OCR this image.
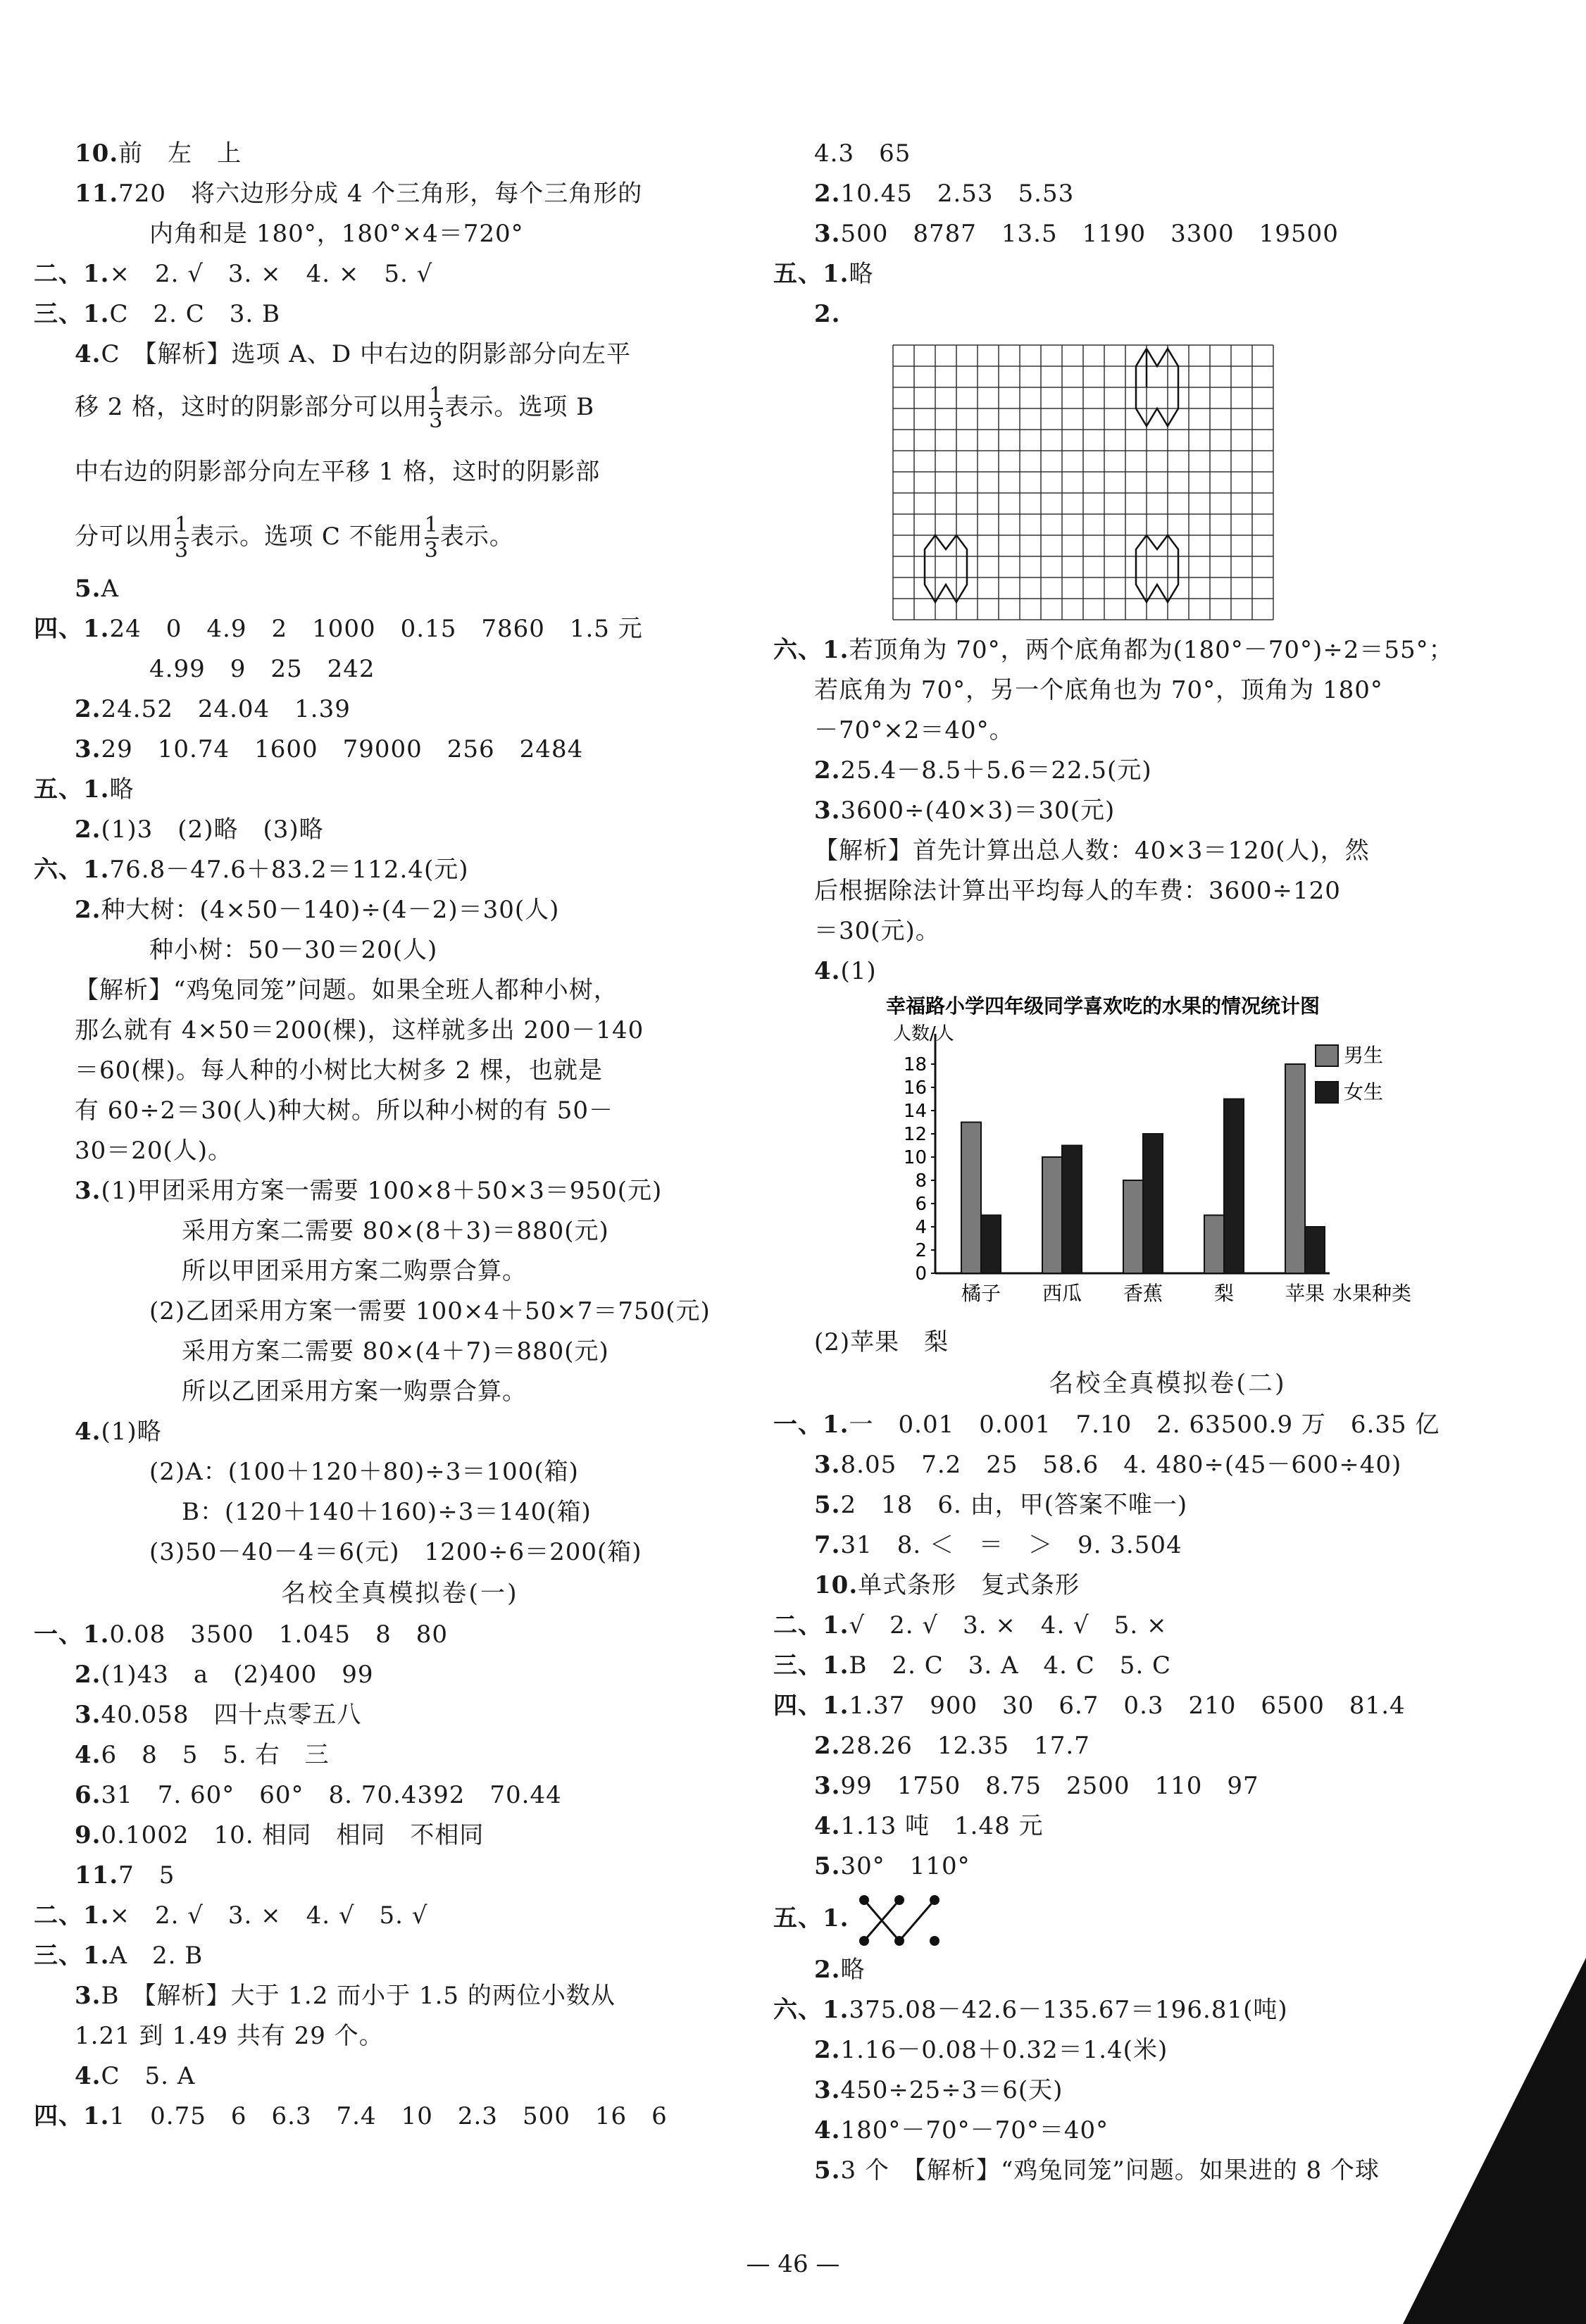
10.前　左　上
11.720　将六边形分成 4 个三角形，每个三角形的
内角和是 180°，180°×4＝720°
二、1.×　2. √　3. ×　4. ×　5. √
三、1.C　2. C　3. B
4.C　【解析】选项 A、D 中右边的阴影部分向左平
移 2 格，这时的阴影部分可以用 $\frac{1}{3}$ 表示。选项 B
中右边的阴影部分向左平移 1 格，这时的阴影部
分可以用 $\frac{1}{3}$ 表示。选项 C 不能用 $\frac{1}{3}$ 表示。
5.A
四、1.24　0　4.9　2　1000　0.15　7860　1.5 元
4.99　9　25　242
2.24.52　24.04　1.39
3.29　10.74　1600　79000　256　2484
五、1.略
2.(1)3　(2)略　(3)略
六、1.76.8－47.6＋83.2＝112.4(元)
2.种大树：(4×50－140)÷(4－2)＝30(人)
种小树：50－30＝20(人)
【解析】“鸡兔同笼”问题。如果全班人都种小树，
那么就有 4×50＝200(棵)，这样就多出 200－140
＝60(棵)。每人种的小树比大树多 2 棵，也就是
有 60÷2＝30(人)种大树。所以种小树的有 50－
30＝20(人)。
3.(1)甲团采用方案一需要 100×8＋50×3＝950(元)
采用方案二需要 80×(8＋3)＝880(元)
所以甲团采用方案二购票合算。
(2)乙团采用方案一需要 100×4＋50×7＝750(元)
采用方案二需要 80×(4＋7)＝880(元)
所以乙团采用方案一购票合算。
4.(1)略
(2)A：(100＋120＋80)÷3＝100(箱)
B：(120＋140＋160)÷3＝140(箱)
(3)50－40－4＝6(元)　1200÷6＝200(箱)
名校全真模拟卷(一)
一、1.0.08　3500　1.045　8　80
2.(1)43　a　(2)400　99
3.40.058　四十点零五八
4.6　8　5　5. 右　三
6.31　7. 60°　60°　8. 70.4392　70.44
9.0.1002　10. 相同　相同　不相同
11.7　5
二、1.×　2. √　3. ×　4. √　5. √
三、1.A　2. B
3.B　【解析】大于 1.2 而小于 1.5 的两位小数从
1.21 到 1.49 共有 29 个。
4.C　5. A
四、1.1　0.75　6　6.3　7.4　10　2.3　500　16　6
4.3　65
2.10.45　2.53　5.53
3.500　8787　13.5　1190　3300　19500
五、1.略
2.
六、1.若顶角为 70°，两个底角都为(180°－70°)÷2＝55°；
若底角为 70°，另一个底角也为 70°，顶角为 180°
－70°×2＝40°。
2.25.4－8.5＋5.6＝22.5(元)
3.3600÷(40×3)＝30(元)
【解析】首先计算出总人数：40×3＝120(人)，然
后根据除法计算出平均每人的车费：3600÷120
＝30(元)。
4.(1)
幸福路小学四年级同学喜欢吃的水果的情况统计图
人数/人
0
2
4
6
8
10
12
14
16
18
橘子 西瓜 香蕉	梨	苹果 水果种类
男生
女生
(2)苹果　梨
名校全真模拟卷(二)
一、1.一　0.01　0.001　7.10　2. 63500.9 万　6.35 亿
3.8.05　7.2　25　58.6　4. 480÷(45－600÷40)
5.2　18　6. 由，甲(答案不唯一)
7.31　8. ＜　＝　＞　9. 3.504
10.单式条形　复式条形
二、1.√　2. √　3. ×　4. √　5. ×
三、1.B　2. C　3. A　4. C　5. C
四、1.1.37　900　30　6.7　0.3　210　6500　81.4
2.28.26　12.35　17.7
3.99　1750　8.75　2500　110　97
4.1.13 吨　1.48 元
5.30°　110°
五、1.
2.略
六、1.375.08－42.6－135.67＝196.81(吨)
2.1.16－0.08＋0.32＝1.4(米)
3.450÷25÷3＝6(天)
4.180°－70°－70°＝40°
5.3 个　【解析】“鸡兔同笼”问题。如果进的 8 个球
— 46 —
